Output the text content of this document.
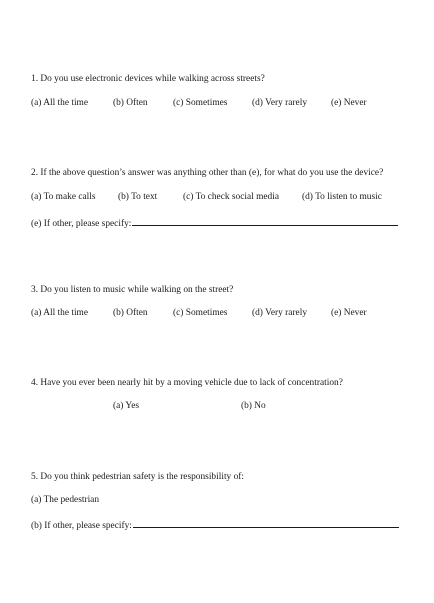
1. Do you use electronic devices while walking across streets?
(a) All the time	(b) Often	(c) Sometimes	(d) Very rarely	(e) Never
2. If the above question’s answer was anything other than (e), for what do you use the device?
(a) To make calls (b) To text	(c) To check social media (d) To listen to music
(e) If other, please specify:
3. Do you listen to music while walking on the street?
(a) All the time	(b) Often	(c) Sometimes	(d) Very rarely	(e) Never
4. Have you ever been nearly hit by a moving vehicle due to lack of concentration?
(a) Yes	(b) No
5. Do you think pedestrian safety is the responsibility of:
(a) The pedestrian
(b) If other, please specify:
